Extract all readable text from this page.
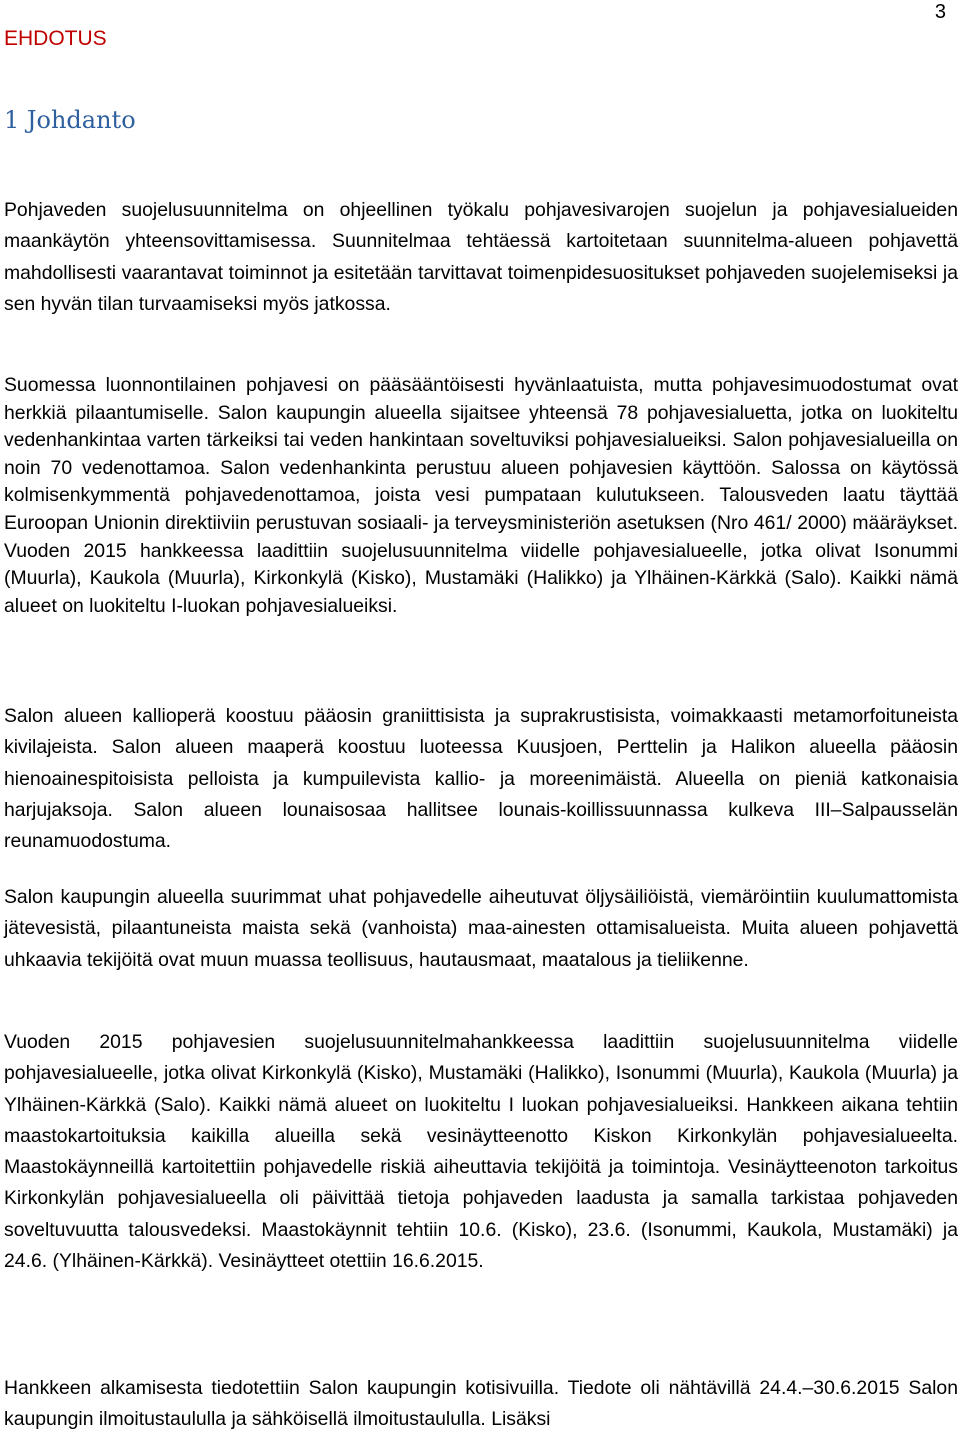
EHDOTUS

3
1 Johdanto

Pohjaveden suojelusuunnitelma on ohjeellinen työkalu pohjavesivarojen suojelun ja pohjavesialueiden maankäytön yhteensovittamisessa. Suunnitelmaa tehtäessä kartoitetaan suunnitelma-alueen pohjavettä mahdollisesti vaarantavat toiminnot ja esitetään tarvittavat toimenpidesuositukset pohjaveden suojelemiseksi ja sen hyvän tilan turvaamiseksi myös jatkossa.

Suomessa luonnontilainen pohjavesi on pääsääntöisesti hyvänlaatuista, mutta pohjavesimuodostumat ovat herkkiä pilaantumiselle. Salon kaupungin alueella sijaitsee yhteensä 78 pohjavesialuetta, jotka on luokiteltu vedenhankintaa varten tärkeiksi tai veden hankintaan soveltuviksi pohjavesialueiksi. Salon pohjavesialueilla on noin 70 vedenottamoa. Salon vedenhankinta perustuu alueen pohjavesien käyttöön. Salossa on käytössä kolmisenkymmentä pohjavedenottamoa, joista vesi pumpataan kulutukseen. Talousveden laatu täyttää Euroopan Unionin direktiiviin perustuvan sosiaali- ja terveysministeriön asetuksen (Nro 461/ 2000) määräykset. Vuoden 2015 hankkeessa laadittiin suojelusuunnitelma viidelle pohjavesialueelle, jotka olivat Isonummi (Muurla), Kaukola (Muurla), Kirkonkylä (Kisko), Mustamäki (Halikko) ja Ylhäinen-Kärkkä (Salo). Kaikki nämä alueet on luokiteltu I-luokan pohjavesialueiksi.

Salon alueen kallioperä koostuu pääosin graniittisista ja suprakrustisista, voimakkaasti metamorfoituneista kivilajeista. Salon alueen maaperä koostuu luoteessa Kuusjoen, Perttelin ja Halikon alueella pääosin hienoainespitoisista pelloista ja kumpuilevista kallio- ja moreenimäistä. Alueella on pieniä katkonaisia harjujaksoja. Salon alueen lounaisosaa hallitsee lounais-koillissuunnassa kulkeva III–Salpausselän reunamuodostuma.

Salon kaupungin alueella suurimmat uhat pohjavedelle aiheutuvat öljysäiliöistä, viemäröintiin kuulumattomista jätevesistä, pilaantuneista maista sekä (vanhoista) maa-ainesten ottamisalueista. Muita alueen pohjavettä uhkaavia tekijöitä ovat muun muassa teollisuus, hautausmaat, maatalous ja tieliikenne.

Vuoden 2015 pohjavesien suojelusuunnitelmahankkeessa laadittiin suojelusuunnitelma viidelle pohjavesialueelle, jotka olivat Kirkonkylä (Kisko), Mustamäki (Halikko), Isonummi (Muurla), Kaukola (Muurla) ja Ylhäinen-Kärkkä (Salo). Kaikki nämä alueet on luokiteltu I luokan pohjavesialueiksi. Hankkeen aikana tehtiin maastokartoituksia kaikilla alueilla sekä vesinäytteenotto Kiskon Kirkonkylän pohjavesialueelta. Maastokäynneillä kartoitettiin pohjavedelle riskiä aiheuttavia tekijöitä ja toimintoja. Vesinäytteenoton tarkoitus Kirkonkylän pohjavesialueella oli päivittää tietoja pohjaveden laadusta ja samalla tarkistaa pohjaveden soveltuvuutta talousvedeksi. Maastokäynnit tehtiin 10.6. (Kisko), 23.6. (Isonummi, Kaukola, Mustamäki) ja 24.6. (Ylhäinen-Kärkkä). Vesinäytteet otettiin 16.6.2015.

Hankkeen alkamisesta tiedotettiin Salon kaupungin kotisivuilla. Tiedote oli nähtävillä 24.4.–30.6.2015 Salon kaupungin ilmoitustaululla ja sähköisellä ilmoitustaululla. Lisäksi
